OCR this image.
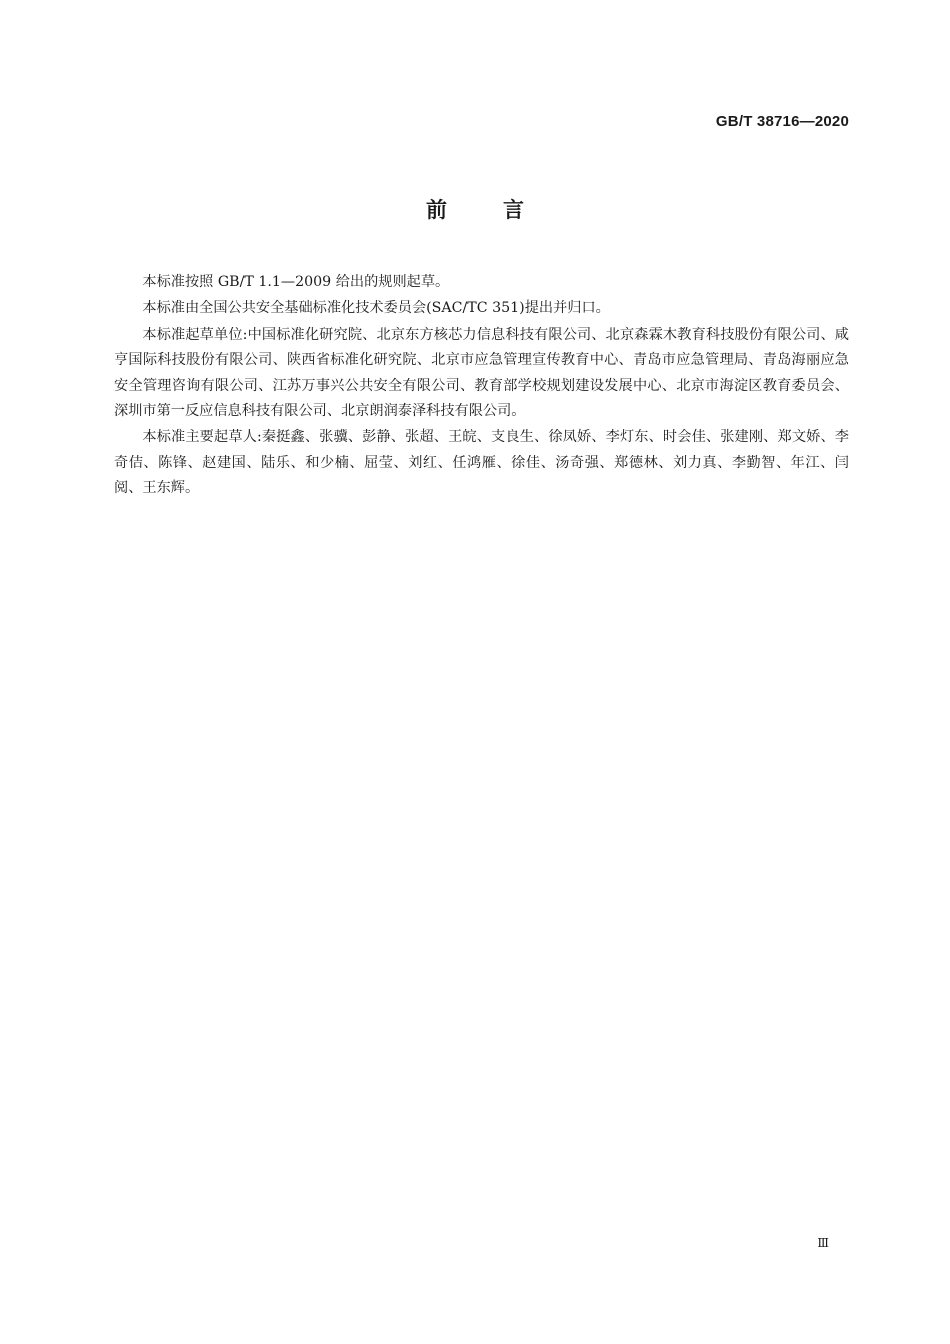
GB/T 38716—2020
前言

本标准按照 GB/T 1.1—2009 给出的规则起草。

本标准由全国公共安全基础标准化技术委员会(SAC/TC 351)提出并归口。

本标准起草单位:中国标准化研究院、北京东方核芯力信息科技有限公司、北京森霖木教育科技股份有限公司、咸亨国际科技股份有限公司、陕西省标准化研究院、北京市应急管理宣传教育中心、青岛市应急管理局、青岛海丽应急安全管理咨询有限公司、江苏万事兴公共安全有限公司、教育部学校规划建设发展中心、北京市海淀区教育委员会、深圳市第一反应信息科技有限公司、北京朗润泰泽科技有限公司。

本标准主要起草人:秦挺鑫、张骥、彭静、张超、王皖、支良生、徐凤娇、李灯东、时会佳、张建刚、郑文娇、李奇佶、陈锋、赵建国、陆乐、和少楠、屈莹、刘红、任鸿雁、徐佳、汤奇强、郑德林、刘力真、李勤智、年江、闫阅、王东辉。

Ⅲ
